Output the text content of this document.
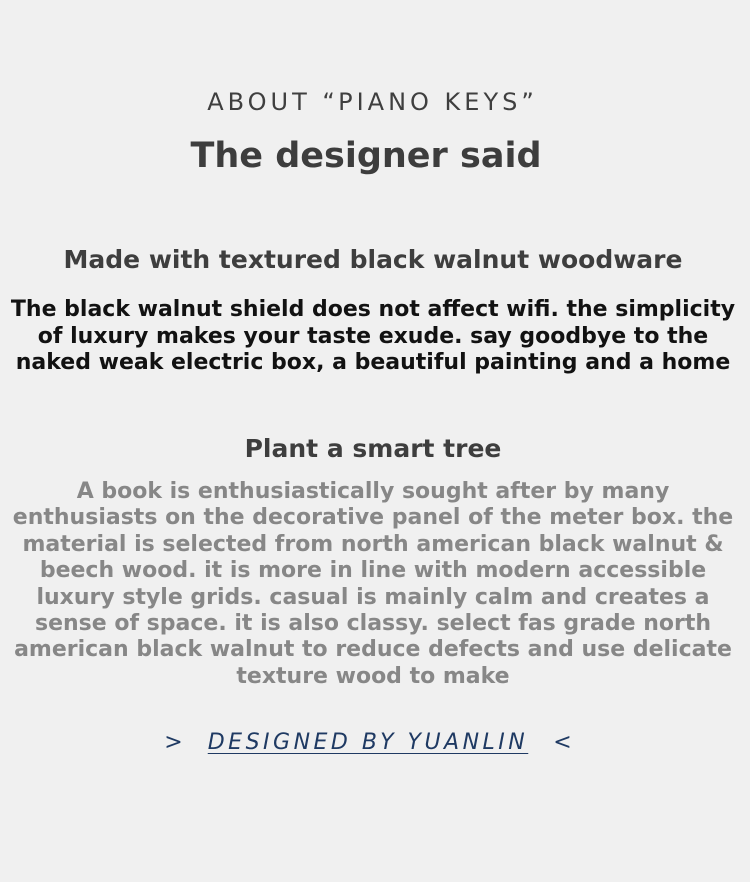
ABOUT “PIANO KEYS”
The designer said
Made with textured black walnut woodware
The black walnut shield does not affect wifi. the simplicity of luxury makes your taste exude. say goodbye to the naked weak electric box, a beautiful painting and a home
Plant a smart tree
A book is enthusiastically sought after by many enthusiasts on the decorative panel of the meter box. the material is selected from north american black walnut & beech wood. it is more in line with modern accessible luxury style grids. casual is mainly calm and creates a sense of space. it is also classy. select fas grade north american black walnut to reduce defects and use delicate texture wood to make
> DESIGNED BY YUANLIN <
